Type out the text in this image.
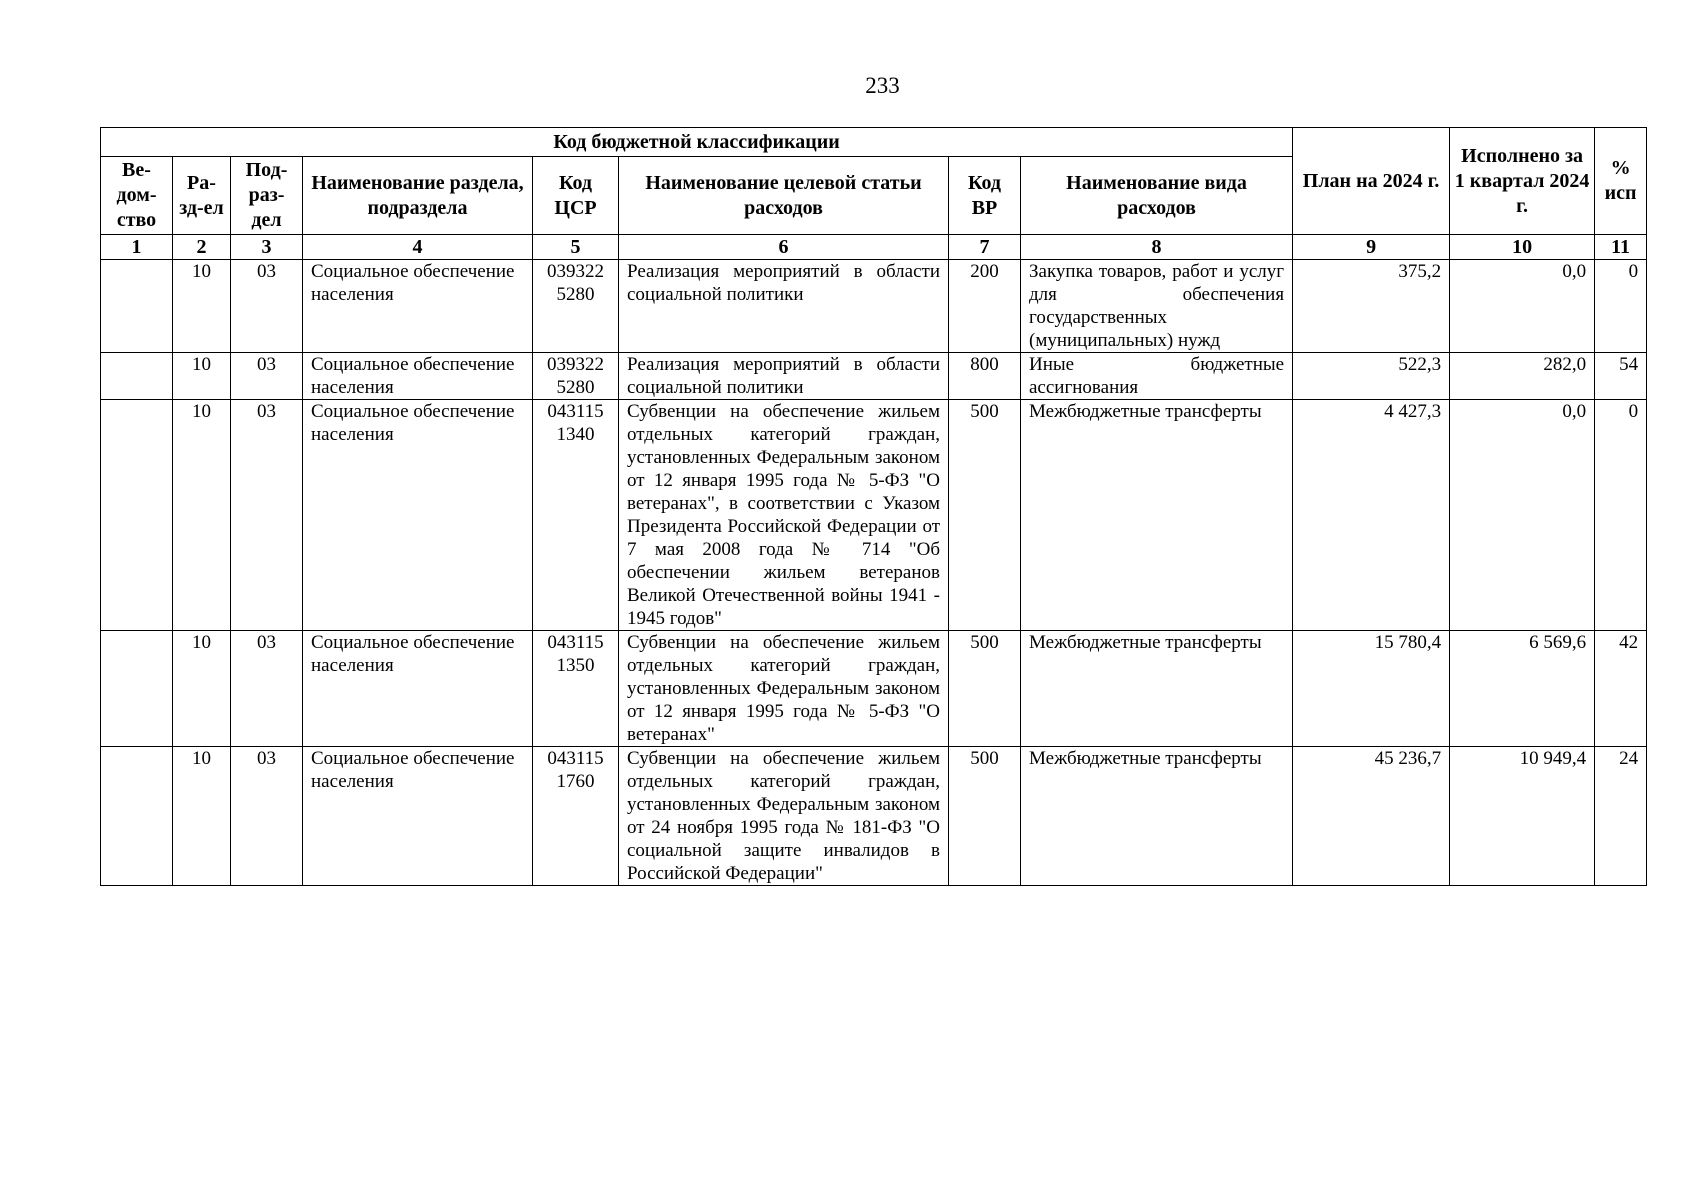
233
Код бюджетной классификации								План на 2024 г.	Исполнено за 1 квартал 2024 г.	% исп
Ве-дом-ство	Ра-зд-ел	Под-раз-дел	Наименование раздела, подраздела	Код ЦСР	Наименование целевой статьи расходов	Код ВР	Наименование вида расходов			
1	2	3	4	5	6	7	8	9	10	11
	10	03	Социальное обеспечение населения	039322 5280	Реализация мероприятий в области социальной политики	200	Закупка товаров, работ и услуг для обеспечения государственных (муниципальных) нужд	375,2	0,0	0
	10	03	Социальное обеспечение населения	039322 5280	Реализация мероприятий в области социальной политики	800	Иные бюджетные ассигнования	522,3	282,0	54
	10	03	Социальное обеспечение населения	043115 1340	Субвенции на обеспечение жильем отдельных категорий граждан, установленных Федеральным законом от 12 января 1995 года № 5-ФЗ "О ветеранах", в соответствии с Указом Президента Российской Федерации от 7 мая 2008 года № 714 "Об обеспечении жильем ветеранов Великой Отечественной войны 1941 - 1945 годов"	500	Межбюджетные трансферты	4 427,3	0,0	0
	10	03	Социальное обеспечение населения	043115 1350	Субвенции на обеспечение жильем отдельных категорий граждан, установленных Федеральным законом от 12 января 1995 года № 5-ФЗ "О ветеранах"	500	Межбюджетные трансферты	15 780,4	6 569,6	42
	10	03	Социальное обеспечение населения	043115 1760	Субвенции на обеспечение жильем отдельных категорий граждан, установленных Федеральным законом от 24 ноября 1995 года № 181-ФЗ "О социальной защите инвалидов в Российской Федерации"	500	Межбюджетные трансферты	45 236,7	10 949,4	24
